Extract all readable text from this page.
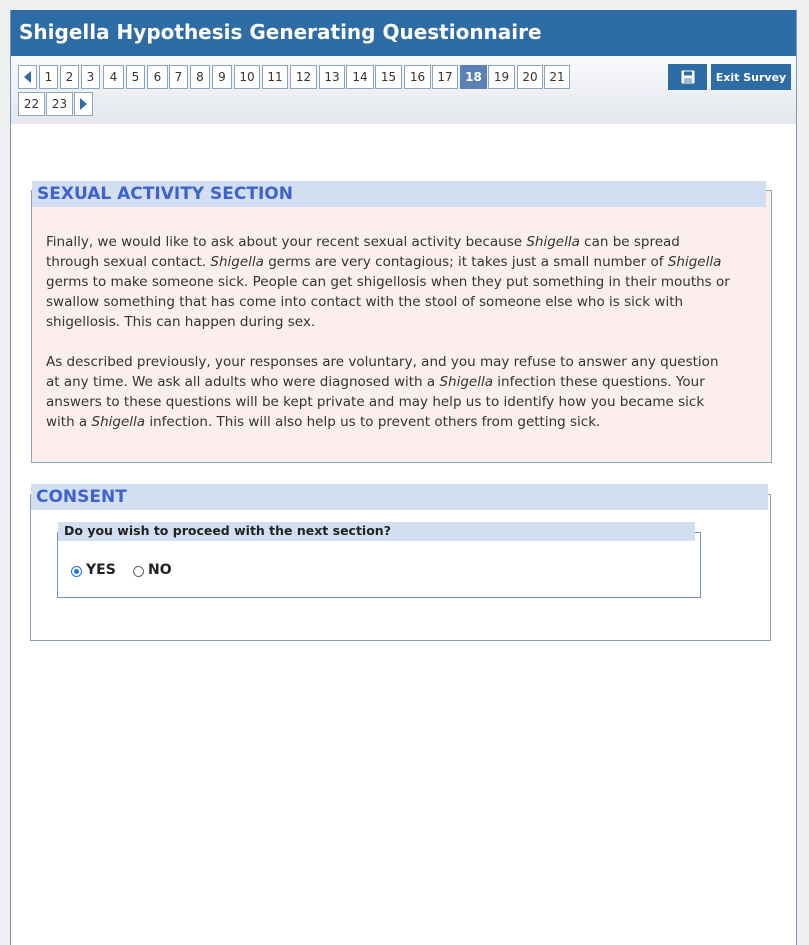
Shigella Hypothesis Generating Questionnaire
1	2	3	4	5	6	7	8	9	10	11	12	13	14	15	16	17	18	19	20 21
22	23
Exit Survey
SEXUAL ACTIVITY SECTION

Finally, we would like to ask about your recent sexual activity because Shigella can be spread through sexual contact. Shigella germs are very contagious; it takes just a small number of Shigella germs to make someone sick. People can get shigellosis when they put something in their mouths or swallow something that has come into contact with the stool of someone else who is sick with shigellosis. This can happen during sex.

As described previously, your responses are voluntary, and you may refuse to answer any question at any time. We ask all adults who were diagnosed with a Shigella infection these questions. Your answers to these questions will be kept private and may help us to identify how you became sick with a Shigella infection. This will also help us to prevent others from getting sick.

CONSENT
Do you wish to proceed with the next section?
YES NO
